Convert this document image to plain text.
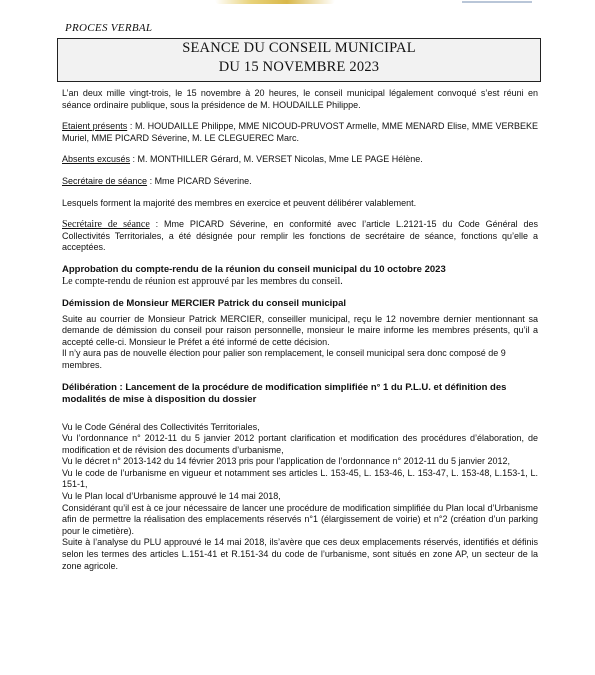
PROCES VERBAL
SEANCE DU CONSEIL MUNICIPAL
DU 15 NOVEMBRE 2023

L’an deux mille vingt-trois, le 15 novembre à 20 heures, le conseil municipal légalement convoqué s’est réuni en séance ordinaire publique, sous la présidence de M. HOUDAILLE Philippe.

Etaient présents : M. HOUDAILLE Philippe, MME NICOUD-PRUVOST Armelle, MME MENARD Elise, MME VERBEKE Muriel, MME PICARD Séverine, M. LE CLEGUEREC Marc.

Absents excusés : M. MONTHILLER Gérard, M. VERSET Nicolas, Mme LE PAGE Hélène.

Secrétaire de séance : Mme PICARD Séverine.

Lesquels forment la majorité des membres en exercice et peuvent délibérer valablement.

Secrétaire de séance : Mme PICARD Séverine, en conformité avec l’article L.2121-15 du Code Général des Collectivités Territoriales, a été désignée pour remplir les fonctions de secrétaire de séance, fonctions qu’elle a acceptées.

Approbation du compte-rendu de la réunion du conseil municipal du 10 octobre 2023

Le compte-rendu de réunion est approuvé par les membres du conseil.

Démission de Monsieur MERCIER Patrick du conseil municipal

Suite au courrier de Monsieur Patrick MERCIER, conseiller municipal, reçu le 12 novembre dernier mentionnant sa demande de démission du conseil pour raison personnelle, monsieur le maire informe les membres présents, qu’il a accepté celle-ci. Monsieur le Préfet a été informé de cette décision.

Il n’y aura pas de nouvelle élection pour palier son remplacement, le conseil municipal sera donc composé de 9 membres.

Délibération : Lancement de la procédure de modification simplifiée n° 1 du P.L.U. et définition des modalités de mise à disposition du dossier

Vu le Code Général des Collectivités Territoriales,

Vu l’ordonnance n° 2012-11 du 5 janvier 2012 portant clarification et modification des procédures d’élaboration, de modification et de révision des documents d’urbanisme,

Vu le décret n° 2013-142 du 14 février 2013 pris pour l’application de l’ordonnance n° 2012-11 du 5 janvier 2012,

Vu le code de l’urbanisme en vigueur et notamment ses articles L. 153-45, L. 153-46, L. 153-47, L. 153-48, L.153-1, L. 151-1,

Vu le Plan local d’Urbanisme approuvé le 14 mai 2018,

Considérant qu’il est à ce jour nécessaire de lancer une procédure de modification simplifiée du Plan local d’Urbanisme afin de permettre la réalisation des emplacements réservés n°1 (élargissement de voirie) et n°2 (création d’un parking pour le cimetière).

Suite à l’analyse du PLU approuvé le 14 mai 2018, ils’avère que ces deux emplacements réservés, identifiés et définis selon les termes des articles L.151-41 et R.151-34 du code de l’urbanisme, sont situés en zone AP, un secteur de la zone agricole.
